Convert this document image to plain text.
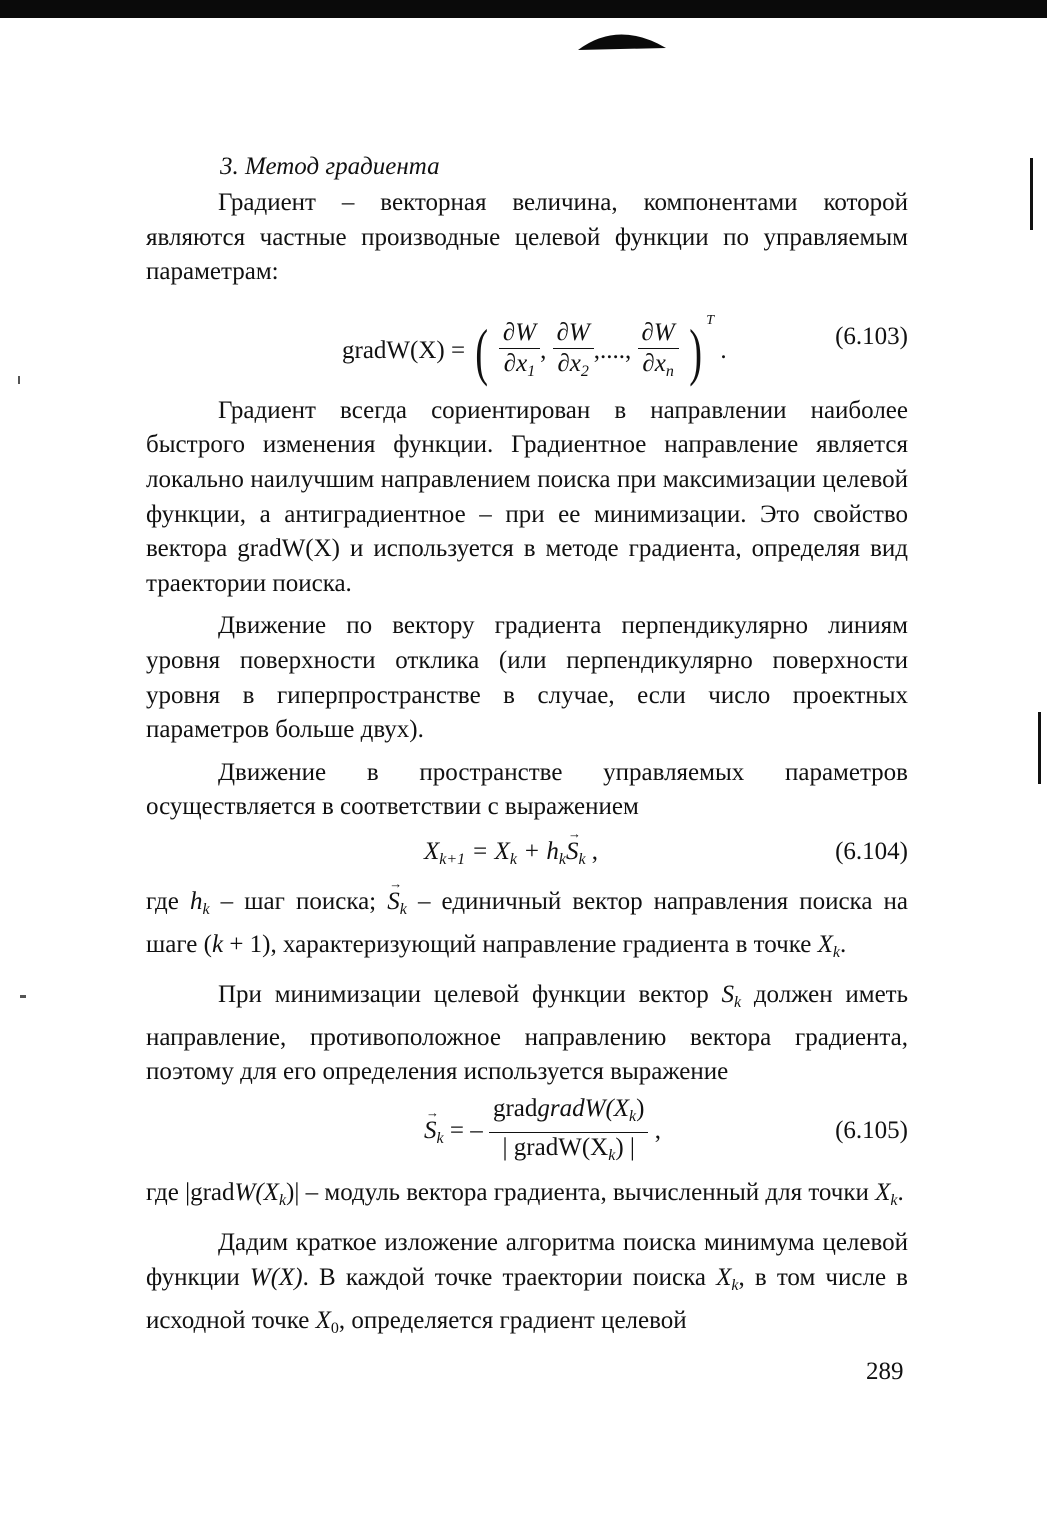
3. Метод градиента

Градиент – векторная величина, компонентами которой являются частные производные целевой функции по управляемым параметрам:

gradW(X) = ( $\frac{\partial W}{\partial x_1}$ , $\frac{\partial W}{\partial x_2}$ ,...., $\frac{\partial W}{\partial x_n}$ ) $^T$ .
(6.103)

Градиент всегда сориентирован в направлении наиболее быстрого изменения функции. Градиентное направление является локально наилучшим направлением поиска при максимизации целевой функции, а антиградиентное – при ее минимизации. Это свойство вектора gradW(X) и используется в методе градиента, определяя вид траектории поиска.

Движение по вектору градиента перпендикулярно линиям уровня поверхности отклика (или перпендикулярно поверхности уровня в гиперпространстве в случае, если число проектных параметров больше двух).

Движение в пространстве управляемых параметров осуществляется в соответствии с выражением

$X_{k+1} = X_k + h_k\to S_k$ ,	(6.104)

где $h_k$ – шаг поиска; → $S_k$ – единичный вектор направления поиска на шаге (k + 1), характеризующий направление градиента в точке $X_k$.

При минимизации целевой функции вектор $S_k$ должен иметь направление, противоположное направлению вектора градиента, поэтому для его определения используется выражение

→ $S_k$ = – $\frac{gradgradW(X_k)}{| gradW(X_k) |}$ ,	(6.105)

где $|gradW(X_k)|$ – модуль вектора градиента, вычисленный для точки $X_k$.

Дадим краткое изложение алгоритма поиска минимума целевой функции W(X). В каждой точке траектории поиска $X_k$, в том числе в исходной точке $X_0$, определяется градиент целевой

289
